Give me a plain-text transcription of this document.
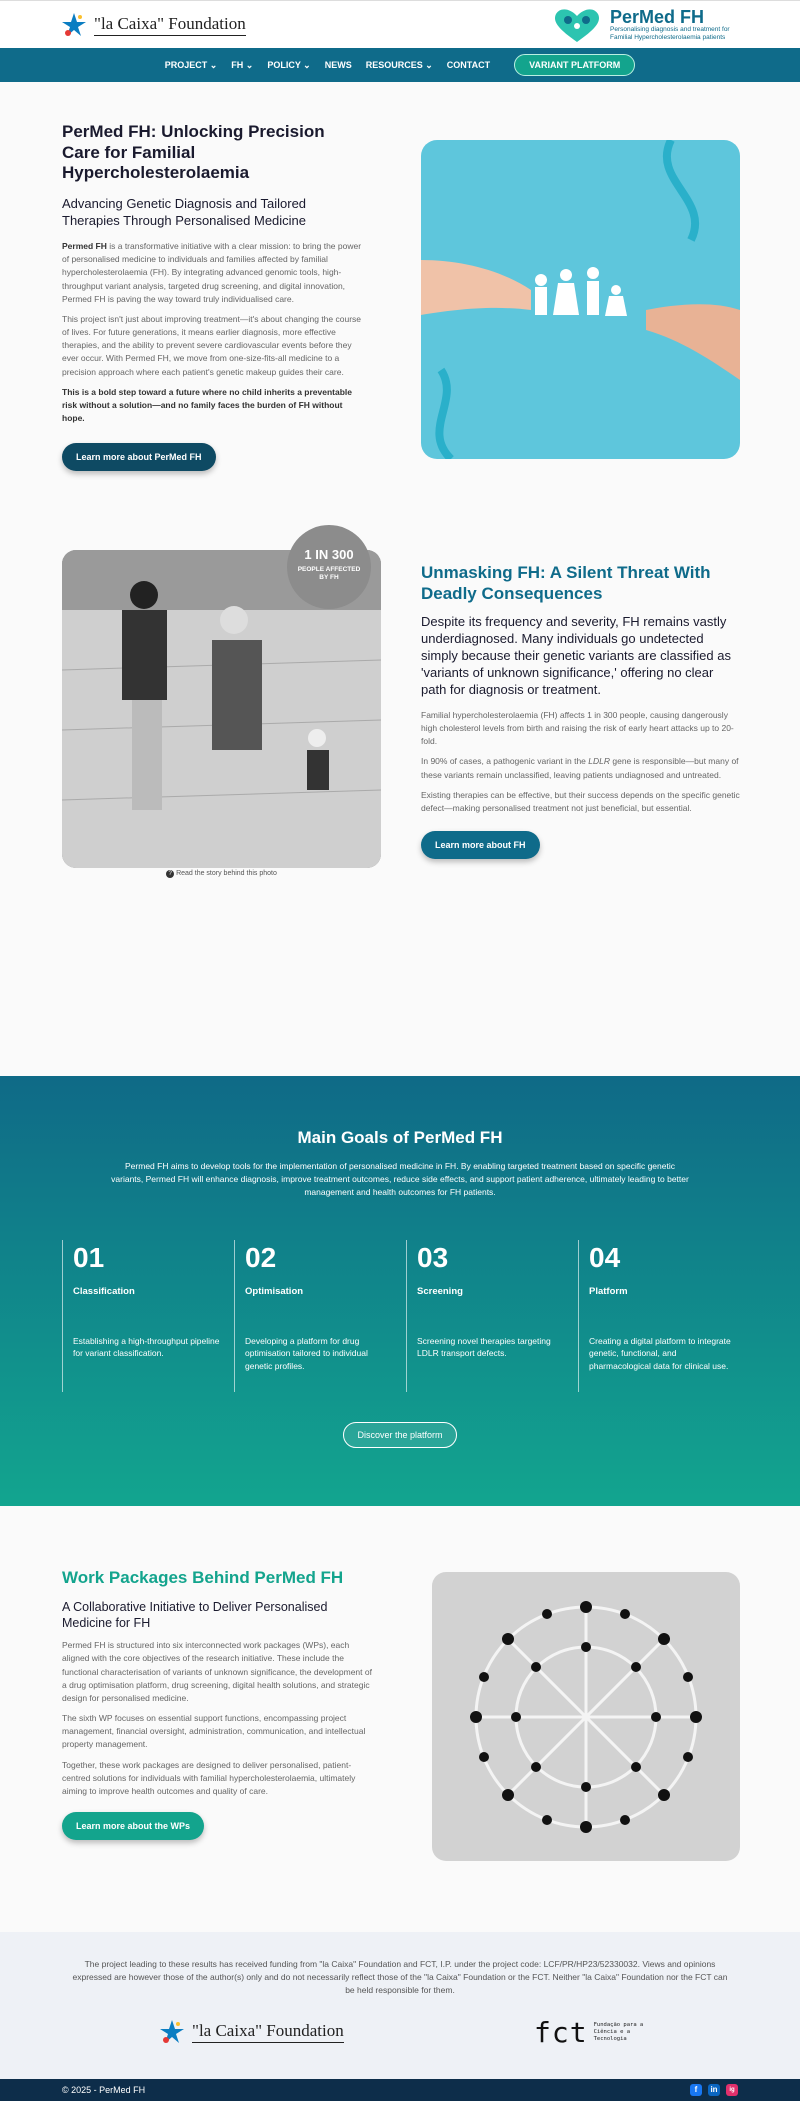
"la Caixa" Foundation	PerMed FH
Personalising diagnosis and treatment for Familial Hypercholesterolaemia patients
PROJECT ⌄ FH ⌄ POLICY ⌄ NEWS RESOURCES ⌄ CONTACT	VARIANT PLATFORM
PerMed FH: Unlocking Precision Care for Familial Hypercholesterolaemia
Advancing Genetic Diagnosis and Tailored Therapies Through Personalised Medicine

Permed FH is a transformative initiative with a clear mission: to bring the power of personalised medicine to individuals and families affected by familial hypercholesterolaemia (FH). By integrating advanced genomic tools, high-throughput variant analysis, targeted drug screening, and digital innovation, Permed FH is paving the way toward truly individualised care.

This project isn't just about improving treatment—it's about changing the course of lives. For future generations, it means earlier diagnosis, more effective therapies, and the ability to prevent severe cardiovascular events before they ever occur. With Permed FH, we move from one-size-fits-all medicine to a precision approach where each patient's genetic makeup guides their care.

This is a bold step toward a future where no child inherits a preventable risk without a solution—and no family faces the burden of FH without hope.

Learn more about PerMed FH
1 IN 300
PEOPLE AFFECTED BY FH
? Read the story behind this photo
Unmasking FH: A Silent Threat With Deadly Consequences
Despite its frequency and severity, FH remains vastly underdiagnosed. Many individuals go undetected simply because their genetic variants are classified as 'variants of unknown significance,' offering no clear path for diagnosis or treatment.

Familial hypercholesterolaemia (FH) affects 1 in 300 people, causing dangerously high cholesterol levels from birth and raising the risk of early heart attacks up to 20-fold.

In 90% of cases, a pathogenic variant in the LDLR gene is responsible—but many of these variants remain unclassified, leaving patients undiagnosed and untreated.

Existing therapies can be effective, but their success depends on the specific genetic defect—making personalised treatment not just beneficial, but essential.

Learn more about FH
Main Goals of PerMed FH
Permed FH aims to develop tools for the implementation of personalised medicine in FH. By enabling targeted treatment based on specific genetic variants, Permed FH will enhance diagnosis, improve treatment outcomes, reduce side effects, and support patient adherence, ultimately leading to better management and health outcomes for FH patients.
01
Classification
Establishing a high-throughput pipeline for variant classification.
02
Optimisation
Developing a platform for drug optimisation tailored to individual genetic profiles.
03
Screening
Screening novel therapies targeting LDLR transport defects.
04
Platform
Creating a digital platform to integrate genetic, functional, and pharmacological data for clinical use.
Discover the platform
Work Packages Behind PerMed FH
A Collaborative Initiative to Deliver Personalised Medicine for FH

Permed FH is structured into six interconnected work packages (WPs), each aligned with the core objectives of the research initiative. These include the functional characterisation of variants of unknown significance, the development of a drug optimisation platform, drug screening, digital health solutions, and strategic design for personalised medicine.

The sixth WP focuses on essential support functions, encompassing project management, financial oversight, administration, communication, and intellectual property management.

Together, these work packages are designed to deliver personalised, patient-centred solutions for individuals with familial hypercholesterolaemia, ultimately aiming to improve health outcomes and quality of care.

Learn more about the WPs
The project leading to these results has received funding from "la Caixa" Foundation and FCT, I.P. under the project code: LCF/PR/HP23/52330032. Views and opinions expressed are however those of the author(s) only and do not necessarily reflect those of the "la Caixa" Foundation or the FCT. Neither "la Caixa" Foundation nor the FCT can be held responsible for them.
"la Caixa" Foundation	fct Fundação para a Ciência e a Tecnologia
© 2025 - PerMed FH	f	in	ig
